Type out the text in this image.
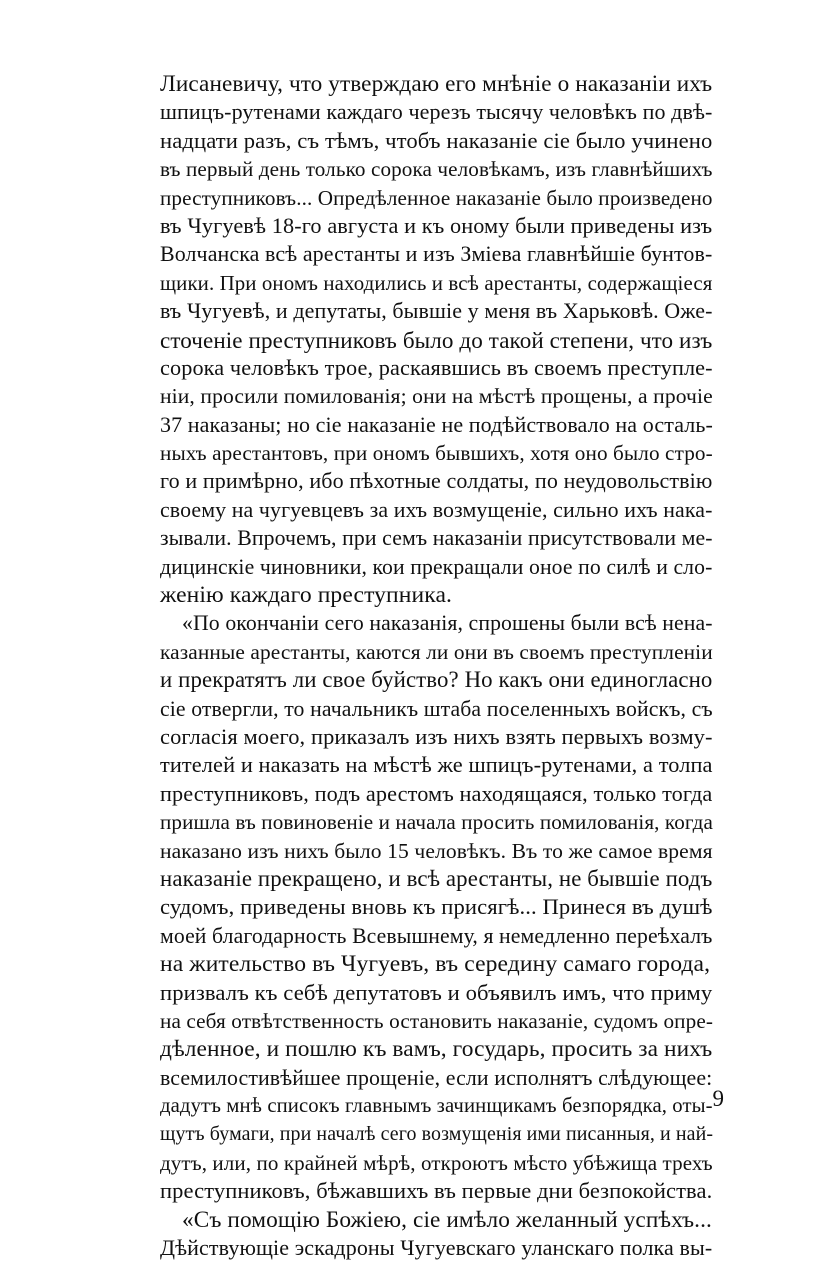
Лисаневичу, что утверждаю его мнѣніе о наказаніи ихъ
шпицъ-рутенами каждаго черезъ тысячу человѣкъ по двѣ-
надцати разъ, съ тѣмъ, чтобъ наказаніе сіе было учинено
въ первый день только сорока человѣкамъ, изъ главнѣйшихъ
преступниковъ... Опредѣленное наказаніе было произведено
въ Чугуевѣ 18-го августа и къ оному были приведены изъ
Волчанска всѣ арестанты и изъ Змiева главнѣйшіе бунтов-
щики. При ономъ находились и всѣ арестанты, содержащіеся
въ Чугуевѣ, и депутаты, бывшіе у меня въ Харьковѣ. Оже-
сточеніе преступниковъ было до такой степени, что изъ
сорока человѣкъ трое, раскаявшись въ своемъ преступле-
ніи, просили помилованія; они на мѣстѣ прощены, а прочіе
37 наказаны; но сіе наказаніе не подѣйствовало на осталь-
ныхъ арестантовъ, при ономъ бывшихъ, хотя оно было стро-
го и примѣрно, ибо пѣхотные солдаты, по неудовольствію
своему на чугуевцевъ за ихъ возмущеніе, сильно ихъ нака-
зывали. Впрочемъ, при семъ наказаніи присутствовали ме-
дицинскіе чиновники, кои прекращали оное по силѣ и сло-
женію каждаго преступника.
«По окончаніи сего наказанія, спрошены были всѣ нена-
казанные арестанты, каются ли они въ своемъ преступленіи
и прекратятъ ли свое буйство? Но какъ они единогласно
сіе отвергли, то начальникъ штаба поселенныхъ войскъ, съ
согласія моего, приказалъ изъ нихъ взять первыхъ возму-
тителей и наказать на мѣстѣ же шпицъ-рутенами, а толпа
преступниковъ, подъ арестомъ находящаяся, только тогда
пришла въ повиновеніе и начала просить помилованія, когда
наказано изъ нихъ было 15 человѣкъ. Въ то же самое время
наказаніе прекращено, и всѣ арестанты, не бывшіе подъ
судомъ, приведены вновь къ присягѣ... Принеся въ душѣ
моей благодарность Всевышнему, я немедленно переѣхалъ
на жительство въ Чугуевъ, въ середину самаго города,
призвалъ къ себѣ депутатовъ и объявилъ имъ, что приму
на себя отвѣтственность остановить наказаніе, судомъ опре-
дѣленное, и пошлю къ вамъ, государь, просить за нихъ
всемилостивѣйшее прощеніе, если исполнятъ слѣдующее:
дадутъ мнѣ списокъ главнымъ зачинщикамъ безпорядка, оты-
щутъ бумаги, при началѣ сего возмущенія ими писанныя, и най-
дутъ, или, по крайней мѣрѣ, откроютъ мѣсто убѣжища трехъ
преступниковъ, бѣжавшихъ въ первые дни безпокойства.
«Съ помощію Божіею, сіе имѣло желанный успѣхъ...
Дѣйствующіе эскадроны Чугуевскаго уланскаго полка вы-
9
